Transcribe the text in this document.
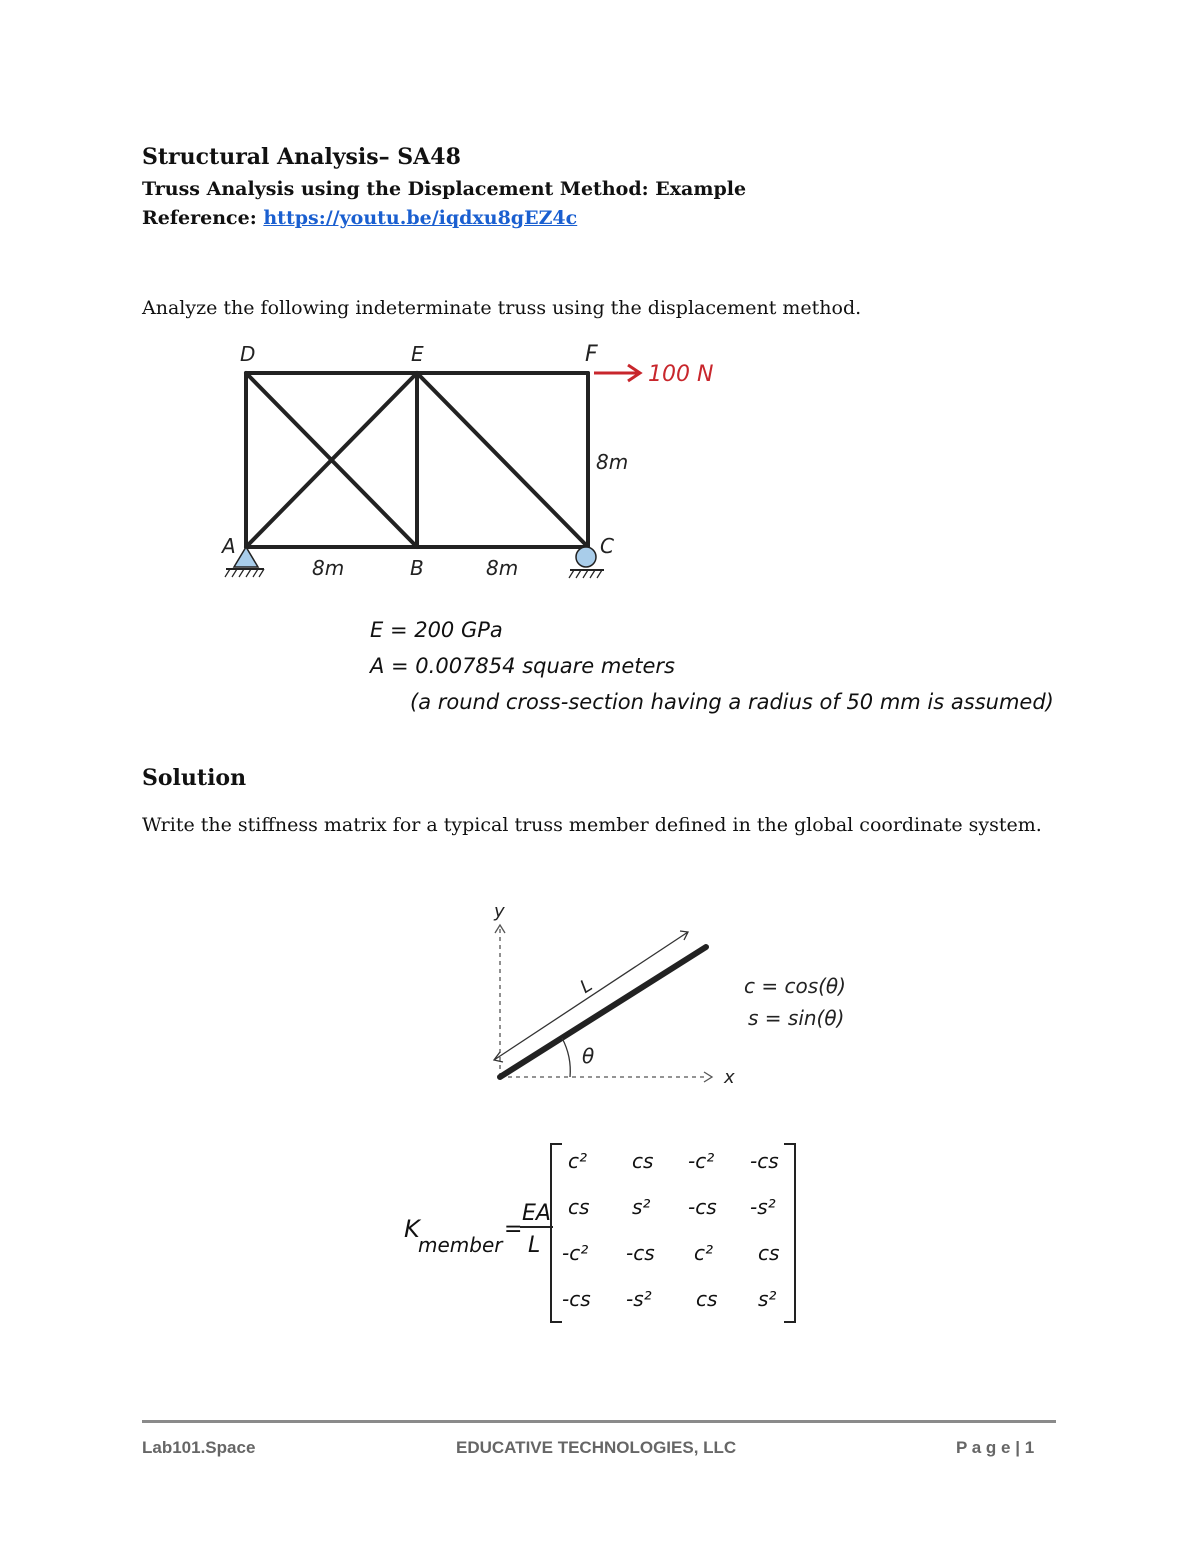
Structural Analysis– SA48
Truss Analysis using the Displacement Method: Example
Reference: https://youtu.be/iqdxu8gEZ4c
Analyze the following indeterminate truss using the displacement method.
100 N
D	E	F
A
B
C
8m
8m	8m
E = 200 GPa
A = 0.007854 square meters
(a round cross-section having a radius of 50 mm is assumed)
Solution
Write the stiffness matrix for a typical truss member defined in the global coordinate system.
y
x
L
θ
c = cos(θ)
s = sin(θ)
K
member
=
EA
L
c² cs -c² -cs
cs s² -cs -s²
-c² -cs c² cs
-cs -s² cs s²
Lab101.Space	EDUCATIVE TECHNOLOGIES, LLC	P a g e | 1
